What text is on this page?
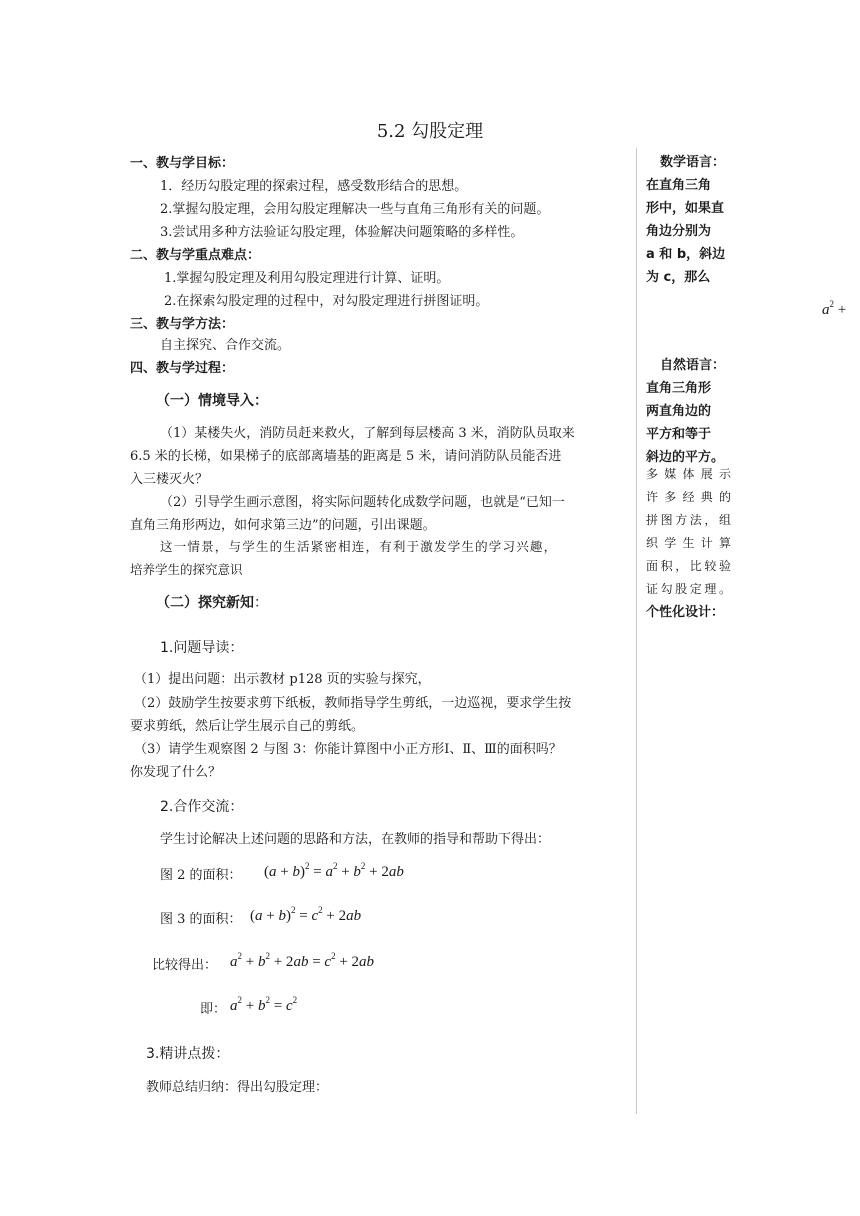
5.2 勾股定理
一、教与学目标：
1．经历勾股定理的探索过程，感受数形结合的思想。
2.掌握勾股定理，会用勾股定理解决一些与直角三角形有关的问题。
3.尝试用多种方法验证勾股定理，体验解决问题策略的多样性。
二、教与学重点难点：
1.掌握勾股定理及利用勾股定理进行计算、证明。
2.在探索勾股定理的过程中，对勾股定理进行拼图证明。
三、教与学方法：
自主探究、合作交流。
四、教与学过程：
（一）情境导入：
（1）某楼失火，消防员赶来救火，了解到每层楼高 3 米，消防队员取来
6.5 米的长梯，如果梯子的底部离墙基的距离是 5 米，请问消防队员能否进
入三楼灭火？
（2）引导学生画示意图，将实际问题转化成数学问题，也就是“已知一
直角三角形两边，如何求第三边”的问题，引出课题。
这一情景，与学生的生活紧密相连，有利于激发学生的学习兴趣，
培养学生的探究意识
（二）探究新知：
1.问题导读：
（1）提出问题：出示教材 p128 页的实验与探究，
（2）鼓励学生按要求剪下纸板，教师指导学生剪纸，一边巡视，要求学生按
要求剪纸，然后让学生展示自己的剪纸。
（3）请学生观察图 2 与图 3：你能计算图中小正方形Ⅰ、Ⅱ、Ⅲ的面积吗？
你发现了什么？
2.合作交流：
学生讨论解决上述问题的思路和方法，在教师的指导和帮助下得出：
图 2 的面积： $(a + b)^2 = a^2 + b^2 + 2ab$
图 3 的面积： $(a + b)^2 = c^2 + 2ab$
比较得出： $a^2 + b^2 + 2ab = c^2 + 2ab$
即： $a^2 + b^2 = c^2$
3.精讲点拨：
教师总结归纳：得出勾股定理：
数学语言：
在直角三角
形中，如果直
角边分别为
a 和 b，斜边
为 c，那么
$a^2$ +
自然语言：
直角三角形
两直角边的
平方和等于
斜边的平方。
多媒体展示
许多经典的
拼图方法，组
织学生计算
面积，比较验
证勾股定理。
个性化设计：
